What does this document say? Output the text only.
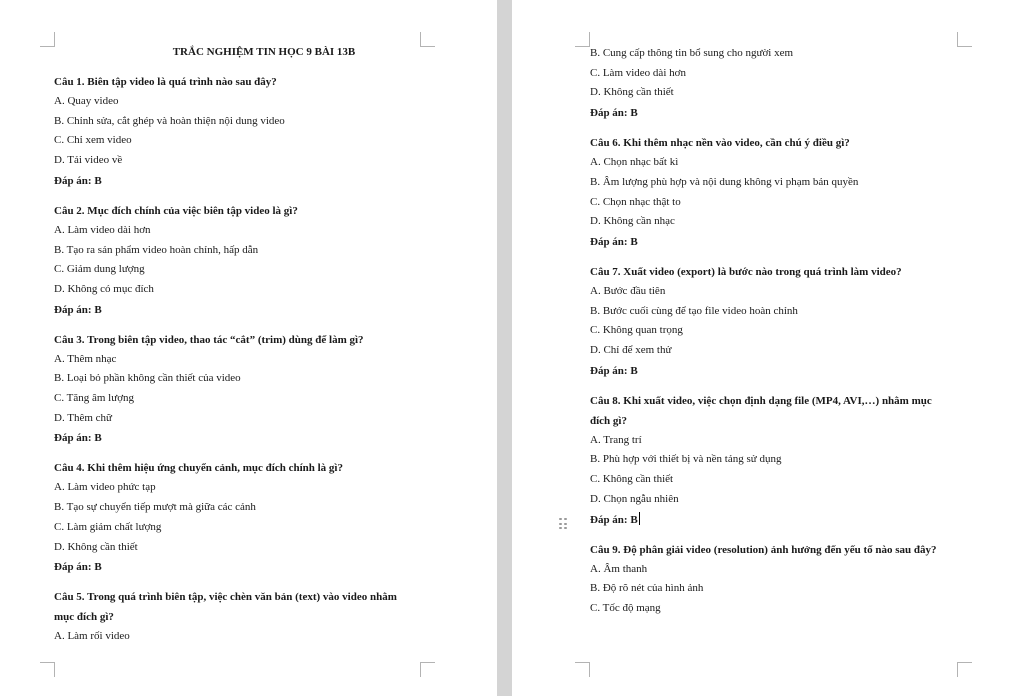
TRẮC NGHIỆM TIN HỌC 9 BÀI 13B
Câu 1. Biên tập video là quá trình nào sau đây?
A. Quay video
B. Chỉnh sửa, cắt ghép và hoàn thiện nội dung video
C. Chỉ xem video
D. Tải video về
Đáp án: B
Câu 2. Mục đích chính của việc biên tập video là gì?
A. Làm video dài hơn
B. Tạo ra sản phẩm video hoàn chỉnh, hấp dẫn
C. Giảm dung lượng
D. Không có mục đích
Đáp án: B
Câu 3. Trong biên tập video, thao tác “cắt” (trim) dùng để làm gì?
A. Thêm nhạc
B. Loại bỏ phần không cần thiết của video
C. Tăng âm lượng
D. Thêm chữ
Đáp án: B
Câu 4. Khi thêm hiệu ứng chuyển cảnh, mục đích chính là gì?
A. Làm video phức tạp
B. Tạo sự chuyển tiếp mượt mà giữa các cảnh
C. Làm giảm chất lượng
D. Không cần thiết
Đáp án: B
Câu 5. Trong quá trình biên tập, việc chèn văn bản (text) vào video nhằm
mục đích gì?
A. Làm rối video
B. Cung cấp thông tin bổ sung cho người xem
C. Làm video dài hơn
D. Không cần thiết
Đáp án: B
Câu 6. Khi thêm nhạc nền vào video, cần chú ý điều gì?
A. Chọn nhạc bất kì
B. Âm lượng phù hợp và nội dung không vi phạm bản quyền
C. Chọn nhạc thật to
D. Không cần nhạc
Đáp án: B
Câu 7. Xuất video (export) là bước nào trong quá trình làm video?
A. Bước đầu tiên
B. Bước cuối cùng để tạo file video hoàn chỉnh
C. Không quan trọng
D. Chỉ để xem thử
Đáp án: B
Câu 8. Khi xuất video, việc chọn định dạng file (MP4, AVI,…) nhằm mục
đích gì?
A. Trang trí
B. Phù hợp với thiết bị và nền tảng sử dụng
C. Không cần thiết
D. Chọn ngẫu nhiên
Đáp án: B
Câu 9. Độ phân giải video (resolution) ảnh hưởng đến yếu tố nào sau đây?
A. Âm thanh
B. Độ rõ nét của hình ảnh
C. Tốc độ mạng
